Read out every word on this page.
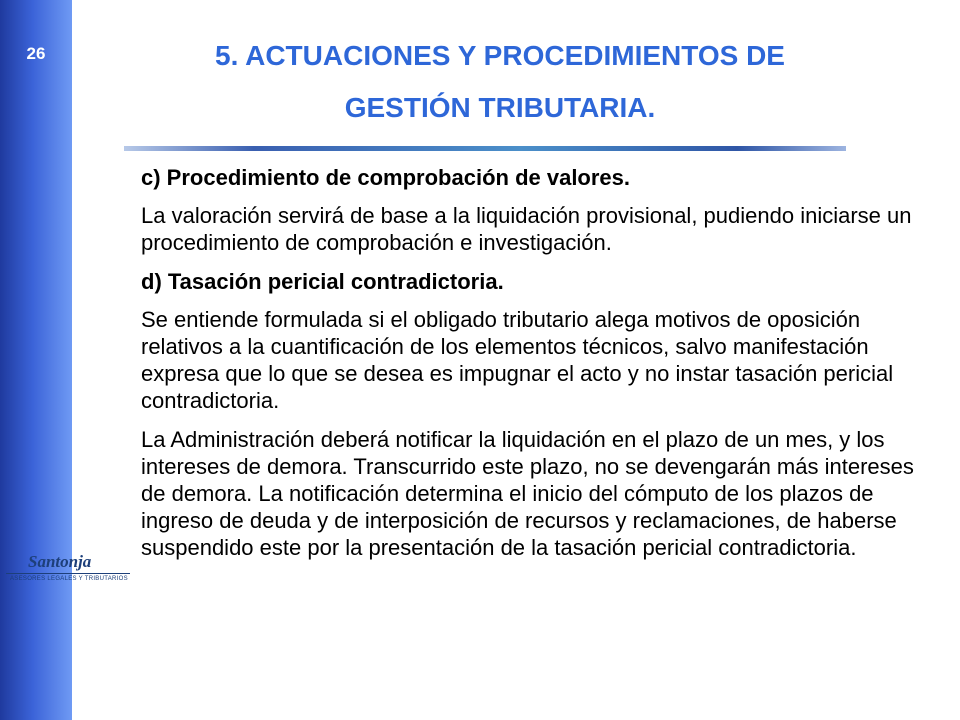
26	5. ACTUACIONES Y PROCEDIMIENTOS DE
GESTIÓN TRIBUTARIA.

c) Procedimiento de comprobación de valores.

La valoración servirá de base a la liquidación provisional, pudiendo iniciarse un procedimiento de comprobación e investigación.

d) Tasación pericial contradictoria.

Se entiende formulada si el obligado tributario alega motivos de oposición relativos a la cuantificación de los elementos técnicos, salvo manifestación expresa que lo que se desea es impugnar el acto y no instar tasación pericial contradictoria.

La Administración deberá notificar la liquidación en el plazo de un mes, y los intereses de demora. Transcurrido este plazo, no se devengarán más intereses de demora. La notificación determina el inicio del cómputo de los plazos de ingreso de deuda y de interposición de recursos y reclamaciones, de haberse suspendido este por la presentación de la tasación pericial contradictoria.

Santonja
ASESORES LEGALES Y TRIBUTARIOS
